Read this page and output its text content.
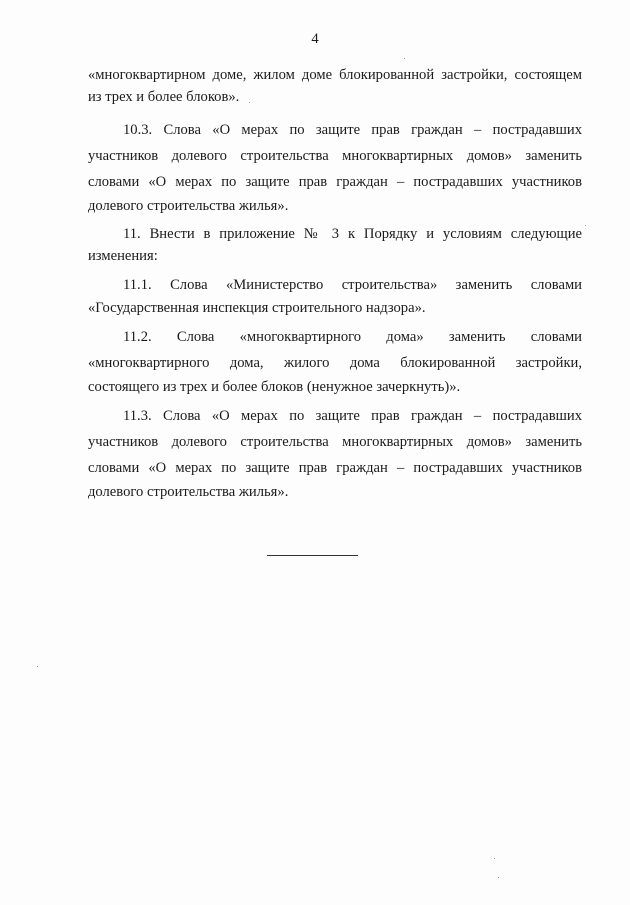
4
«многоквартирном доме, жилом доме блокированной застройки, состоящем
из трех и более блоков».
10.3. Слова «О мерах по защите прав граждан – пострадавших
участников долевого строительства многоквартирных домов» заменить
словами «О мерах по защите прав граждан – пострадавших участников
долевого строительства жилья».
11. Внести в приложение № 3 к Порядку и условиям следующие
изменения:
11.1. Слова «Министерство строительства» заменить словами
«Государственная инспекция строительного надзора».
11.2. Слова «многоквартирного дома» заменить словами
«многоквартирного дома, жилого дома блокированной застройки,
состоящего из трех и более блоков (ненужное зачеркнуть)».
11.3. Слова «О мерах по защите прав граждан – пострадавших
участников долевого строительства многоквартирных домов» заменить
словами «О мерах по защите прав граждан – пострадавших участников
долевого строительства жилья».
